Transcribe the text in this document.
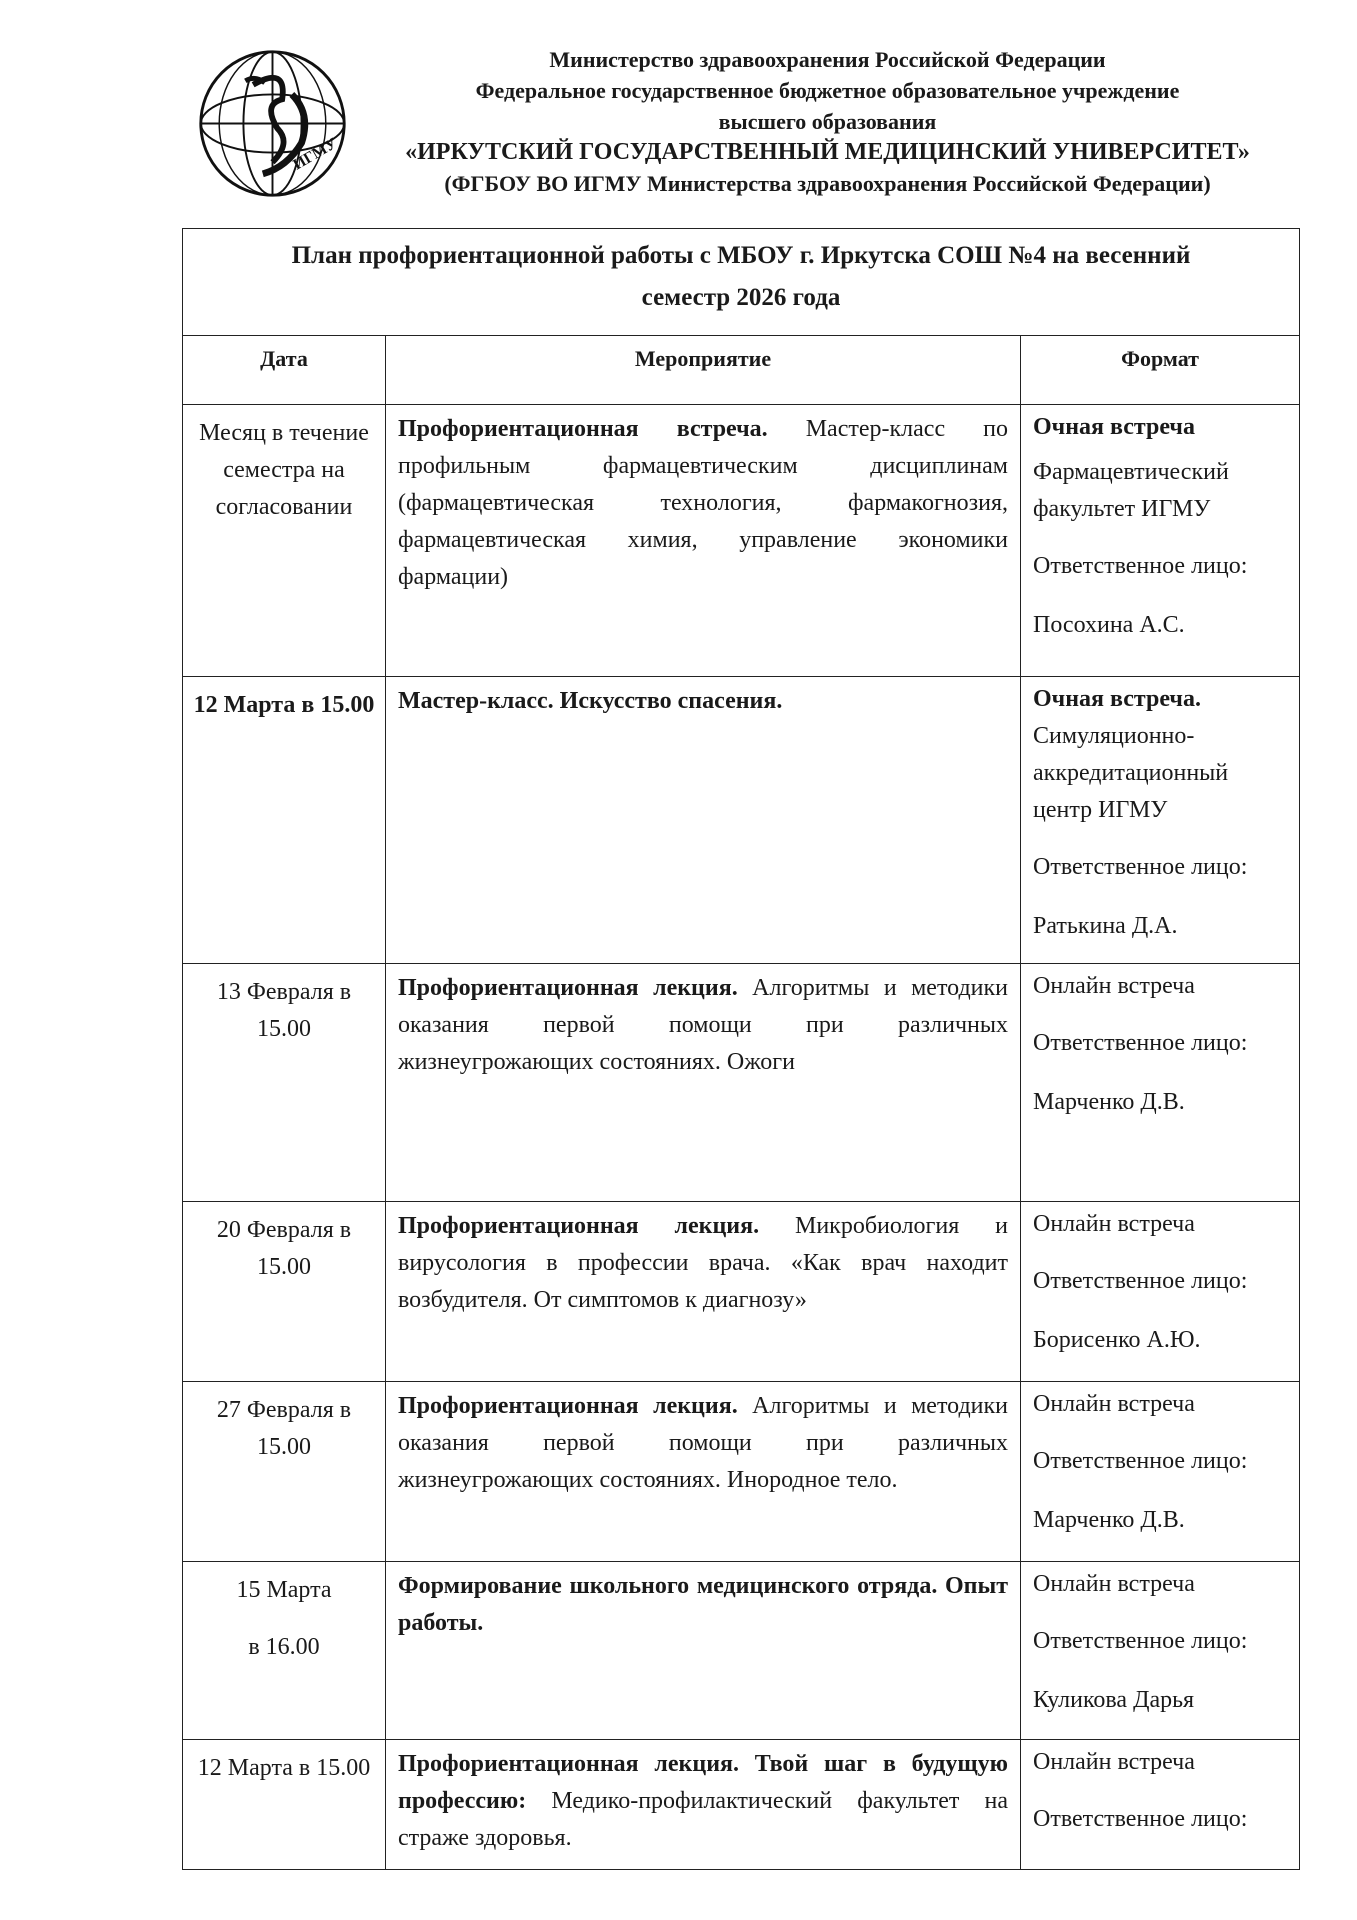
ИГМУ
Министерство здравоохранения Российской Федерации
Федеральное государственное бюджетное образовательное учреждение
высшего образования
«ИРКУТСКИЙ ГОСУДАРСТВЕННЫЙ МЕДИЦИНСКИЙ УНИВЕРСИТЕТ»
(ФГБОУ ВО ИГМУ Министерства здравоохранения Российской Федерации)
План профориентационной работы с МБОУ г. Иркутска СОШ №4 на весенний
семестр 2026 года		
Дата	Мероприятие	Формат
Месяц в течение семестра на согласовании	Профориентационная встреча. Мастер-класс по профильным фармацевтическим дисциплинам (фармацевтическая технология, фармакогнозия, фармацевтическая химия, управление экономики фармации)	Очная встреча
Фармацевтический факультет ИГМУ
Ответственное лицо:
Посохина А.С.

12 Марта в 15.00	Мастер-класс. Искусство спасения.	Очная встреча.
Симуляционно-аккредитационный центр ИГМУ
Ответственное лицо:
Ратькина Д.А.

13 Февраля в 15.00	Профориентационная лекция. Алгоритмы и методики оказания первой помощи при различных жизнеугрожающих состояниях. Ожоги	Онлайн встреча
Ответственное лицо:
Марченко Д.В.

20 Февраля в 15.00	Профориентационная лекция. Микробиология и вирусология в профессии врача. «Как врач находит возбудителя. От симптомов к диагнозу»	Онлайн встреча
Ответственное лицо:
Борисенко А.Ю.

27 Февраля в 15.00	Профориентационная лекция. Алгоритмы и методики оказания первой помощи при различных жизнеугрожающих состояниях. Инородное тело.	Онлайн встреча
Ответственное лицо:
Марченко Д.В.

15 Марта
в 16.00	Формирование школьного медицинского отряда. Опыт работы.	Онлайн встреча
Ответственное лицо:
Куликова Дарья

12 Марта в 15.00	Профориентационная лекция. Твой шаг в будущую профессию: Медико-профилактический факультет на страже здоровья.	Онлайн встреча
Ответственное лицо:
